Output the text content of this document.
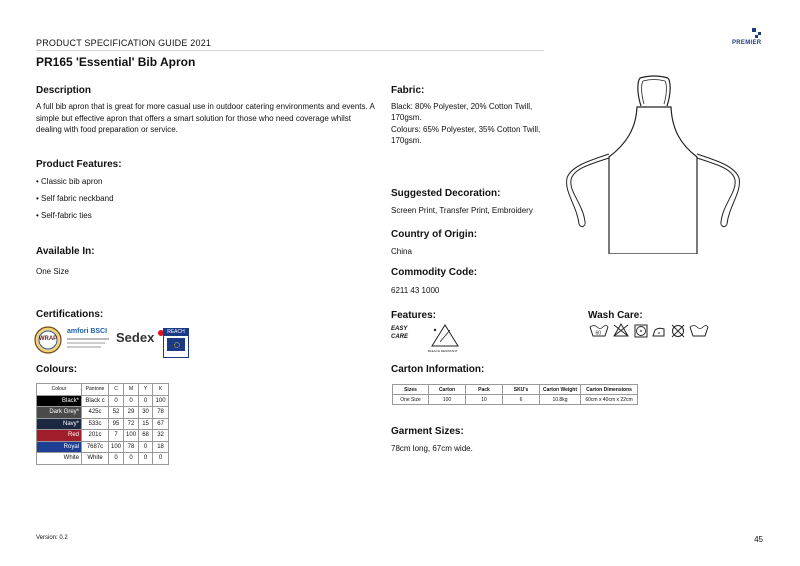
PRODUCT SPECIFICATION GUIDE 2021
PR165 'Essential' Bib Apron
PREMIER
Description
A full bib apron that is great for more casual use in outdoor catering environments and events. A simple but effective apron that offers a smart solution for those who need coverage whilst dealing with food preparation or service.
Product Features:
• Classic bib apron
• Self fabric neckband
• Self-fabric ties
Available In:
One Size
Certifications:
WRAP
amfori BSCI Sedex	REACH
Colours:
Colour	Pantone	C	M	Y	K
Black*	Black c	0	0	0	100
Dark Grey*	425c	52	29	30	78
Navy*	533c	95	72	15	67
Red	201c	7	100	68	32
Royal	7687c	100	78	0	18
White	White	0	0	0	0
Fabric:
Black: 80% Polyester, 20% Cotton Twill,
170gsm.
Colours: 65% Polyester, 35% Cotton Twill,
170gsm.
Suggested Decoration:
Screen Print, Transfer Print, Embroidery
Country of Origin:
China
Commodity Code:
6211 43 1000
Features:
EASY CARE
BLEACH RESISTANT
Carton Information:
Sizes	Carton	Pack	SKU's	Carton Weight	Carton Dimensions
One Size	100	10	6	10.8kg	60cm x 40cm x 22cm
Garment Sizes:
78cm long, 67cm wide.
Wash Care:
60
Version: 0.2	45
